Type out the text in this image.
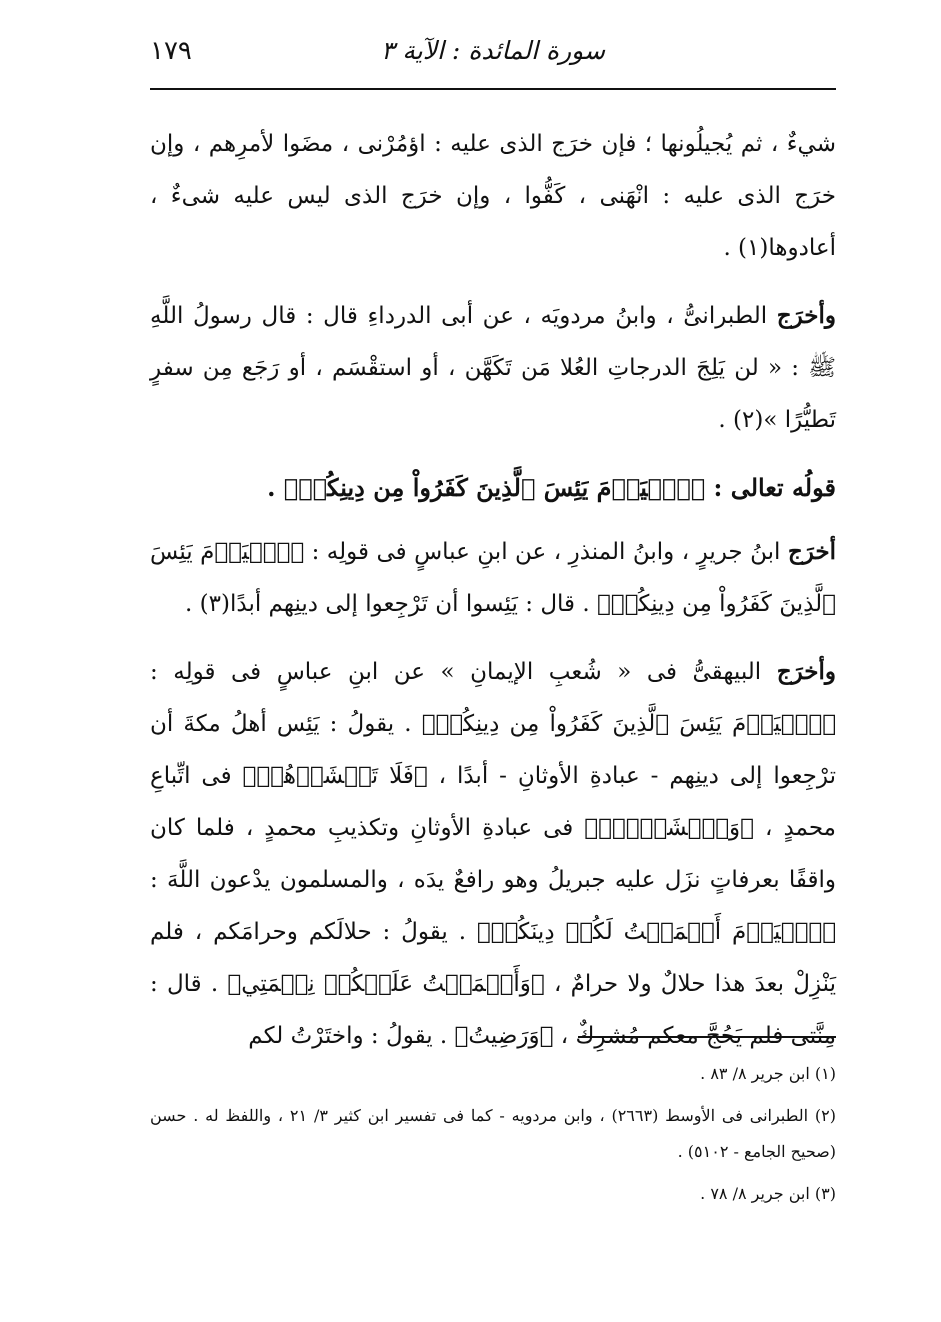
١٧٩	سورة المائدة : الآية ٣

شيءٌ ، ثم يُجيلُونها ؛ فإن خرَج الذى عليه : اؤمُرْنى ، مضَوا لأمرِهم ، وإن خرَج الذى عليه : انْهَنى ، كَفُّوا ، وإن خرَج الذى ليس عليه شىءٌ ، أعادوها(١) .

وأخرَج الطبرانىُّ ، وابنُ مردويَه ، عن أبى الدرداءِ قال : قال رسولُ اللَّهِ ﷺ : « لن يَلِجَ الدرجاتِ العُلا مَن تَكَهَّن ، أو استقْسَم ، أو رَجَع مِن سفرٍ تَطيُّرًا »(٢) .

قولُه تعالى : ﴿ٱلۡيَوۡمَ يَئِسَ ٱلَّذِينَ كَفَرُواْ مِن دِينِكُمۡ﴾ .

أخرَج ابنُ جريرٍ ، وابنُ المنذرِ ، عن ابنِ عباسٍ فى قولِه : ﴿ٱلۡيَوۡمَ يَئِسَ ٱلَّذِينَ كَفَرُواْ مِن دِينِكُمۡ﴾ . قال : يَئِسوا أن تَرْجِعوا إلى دينِهم أبدًا(٣) .

وأخرَج البيهقىُّ فى « شُعبِ الإيمانِ » عن ابنِ عباسٍ فى قولِه : ﴿ٱلۡيَوۡمَ يَئِسَ ٱلَّذِينَ كَفَرُواْ مِن دِينِكُمۡ﴾ . يقولُ : يَئِس أهلُ مكةَ أن ترْجِعوا إلى دينِهم - عبادةِ الأوثانِ - أبدًا ، ﴿فَلَا تَخۡشَوۡهُمۡ﴾ فى اتِّباعِ محمدٍ ، ﴿وَٱخۡشَوۡنِۚ﴾ فى عبادةِ الأوثانِ وتكذيبِ محمدٍ ، فلما كان واقفًا بعرفاتٍ نزَل عليه جبريلُ وهو رافعٌ يدَه ، والمسلمون يدْعون اللَّهَ : ﴿ٱلۡيَوۡمَ أَكۡمَلۡتُ لَكُمۡ دِينَكُمۡ﴾ . يقولُ : حلالَكم وحرامَكم ، فلم يَنْزِلْ بعدَ هذا حلالٌ ولا حرامٌ ، ﴿وَأَتۡمَمۡتُ عَلَيۡكُمۡ نِعۡمَتِي﴾ . قال : مِنَّتى فلم يَحُجَّ معكم مُشرِكٌ ، ﴿وَرَضِيتُ﴾ . يقولُ : واختَرْتُ لكم

(١) ابن جرير ٨/ ٨٣ .

(٢) الطبرانى فى الأوسط (٢٦٦٣) ، وابن مردويه - كما فى تفسير ابن كثير ٣/ ٢١ ، واللفظ له . حسن (صحيح الجامع - ٥١٠٢) .

(٣) ابن جرير ٨/ ٧٨ .
